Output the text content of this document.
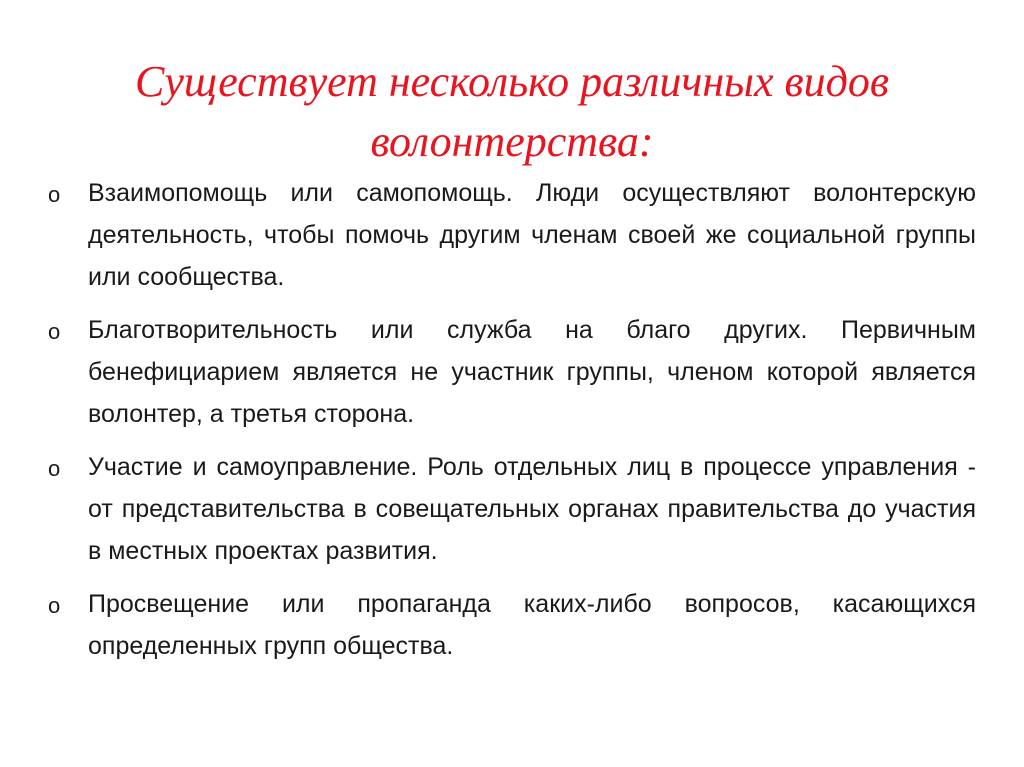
Существует несколько различных видов волонтерства:
o Взаимопомощь или самопомощь. Люди осуществляют волонтерскую деятельность, чтобы помочь другим членам своей же социальной группы или сообщества.
o Благотворительность или служба на благо других. Первичным бенефициарием является не участник группы, членом которой является волонтер, а третья сторона.
o Участие и самоуправление. Роль отдельных лиц в процессе управления - от представительства в совещательных органах правительства до участия в местных проектах развития.
o Просвещение или пропаганда каких-либо вопросов, касающихся определенных групп общества.
